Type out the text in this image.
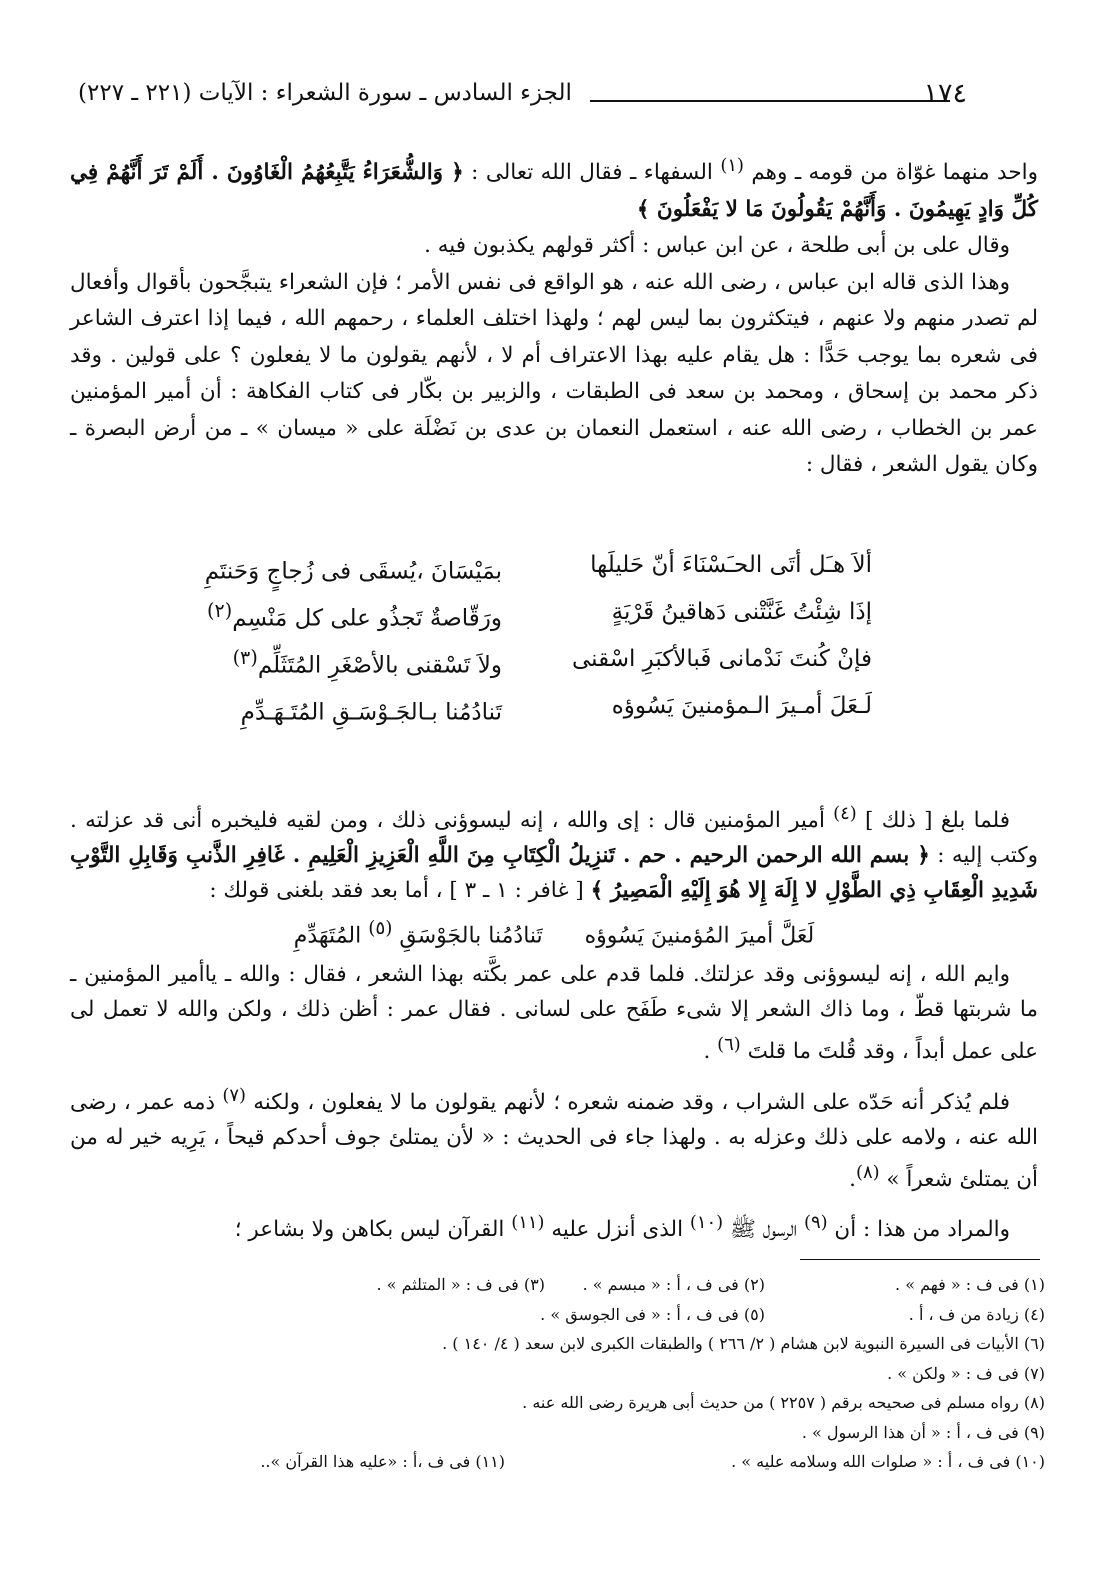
١٧٤
الجزء السادس ـ سورة الشعراء : الآيات (٢٢١ ـ ٢٢٧)

واحد منهما غوّاة من قومه ـ وهم $^{(١)}$ السفهاء ـ فقال الله تعالى : ﴿ وَالشُّعَرَاءُ يَتَّبِعُهُمُ الْغَاوُونَ . أَلَمْ تَرَ أَنَّهُمْ فِي كُلِّ وَادٍ يَهِيمُونَ . وَأَنَّهُمْ يَقُولُونَ مَا لا يَفْعَلُونَ ﴾

وقال على بن أبى طلحة ، عن ابن عباس : أكثر قولهم يكذبون فيه .

وهذا الذى قاله ابن عباس ، رضى الله عنه ، هو الواقع فى نفس الأمر ؛ فإن الشعراء يتبجَّحون بأقوال وأفعال لم تصدر منهم ولا عنهم ، فيتكثرون بما ليس لهم ؛ ولهذا اختلف العلماء ، رحمهم الله ، فيما إذا اعترف الشاعر فى شعره بما يوجب حَدًّا : هل يقام عليه بهذا الاعتراف أم لا ، لأنهم يقولون ما لا يفعلون ؟ على قولين . وقد ذكر محمد بن إسحاق ، ومحمد بن سعد فى الطبقات ، والزبير بن بكّار فى كتاب الفكاهة : أن أمير المؤمنين عمر بن الخطاب ، رضى الله عنه ، استعمل النعمان بن عدى بن نَضْلَة على « ميسان » ـ من أرض البصرة ـ وكان يقول الشعر ، فقال :

ألاَ هـَل أتَى الحـَسْنَاءَ أنّ حَليلَها
بمَيْسَانَ ،يُسقَى فى زُجاجٍ وَحَنتَمِ
إذَا شِئْتُ غَنَّتْنى دَهاقينُ قَرْيَةٍ
ورَقّاصةٌ تَجذُو على كل مَنْسِم$^{(٢)}$
فإنْ كُنتَ نَدْمانى فَبالأكبَرِ اسْقنى
ولاَ تَسْقنى بالأصْغَرِ المُتَثَلِّم$^{(٣)}$
لَـعَلَ أمـيرَ الـمؤمنينَ يَسُوؤه
تَنادُمُنا بـالجَـوْسَـقِ المُتَـهَـدِّمِ

فلما بلغ [ ذلك ] $^{(٤)}$ أمير المؤمنين قال : إى والله ، إنه ليسوؤنى ذلك ، ومن لقيه فليخبره أنى قد عزلته . وكتب إليه : ﴿ بسم الله الرحمن الرحيم . حم . تَنزِيلُ الْكِتَابِ مِنَ اللَّهِ الْعَزِيزِ الْعَلِيمِ . غَافِرِ الذَّنبِ وَقَابِلِ التَّوْبِ شَدِيدِ الْعِقَابِ ذِي الطَّوْلِ لا إِلَهَ إِلا هُوَ إِلَيْهِ الْمَصِيرُ ﴾ [ غافر : ١ ـ ٣ ] ، أما بعد فقد بلغنى قولك :

لَعَلَّ أميرَ المُؤمنينَ يَسُوؤه      تَنادُمُنا بالجَوْسَقِ $^{(٥)}$ المُتَهَدِّمِ

وايم الله ، إنه ليسوؤنى وقد عزلتك. فلما قدم على عمر بكَّته بهذا الشعر ، فقال : والله ـ ياأمير المؤمنين ـ ما شربتها قطّ ، وما ذاك الشعر إلا شىء طَفَح على لسانى . فقال عمر : أظن ذلك ، ولكن والله لا تعمل لى على عمل أبداً ، وقد قُلتَ ما قلتَ $^{(٦)}$ .

فلم يُذكر أنه حَدّه على الشراب ، وقد ضمنه شعره ؛ لأنهم يقولون ما لا يفعلون ، ولكنه $^{(٧)}$ ذمه عمر ، رضى الله عنه ، ولامه على ذلك وعزله به . ولهذا جاء فى الحديث : « لأن يمتلئ جوف أحدكم قيحاً ، يَرِيه خير له من أن يمتلئ شعراً » $^{(٨)}$.

والمراد من هذا : أن $^{(٩)}$ الرسول ﷺ $^{(١٠)}$ الذى أنزل عليه $^{(١١)}$ القرآن ليس بكاهن ولا بشاعر ؛

(١) فى ف : « فهم » .
(٢) فى ف ، أ : « مبسم » .
(٣) فى ف : « المتلثم » .
(٤) زيادة من ف ، أ .
(٥) فى ف ، أ : « فى الجوسق » .
(٦) الأبيات فى السيرة النبوية لابن هشام ( ٢/ ٢٦٦ ) والطبقات الكبرى لابن سعد ( ٤/ ١٤٠ ) .
(٧) فى ف : « ولكن » .
(٨) رواه مسلم فى صحيحه برقم ( ٢٢٥٧ ) من حديث أبى هريرة رضى الله عنه .
(٩) فى ف ، أ : « أن هذا الرسول » .
(١٠) فى ف ، أ : « صلوات الله وسلامه عليه » .
(١١) فى ف ،أ : «عليه هذا القرآن »..
